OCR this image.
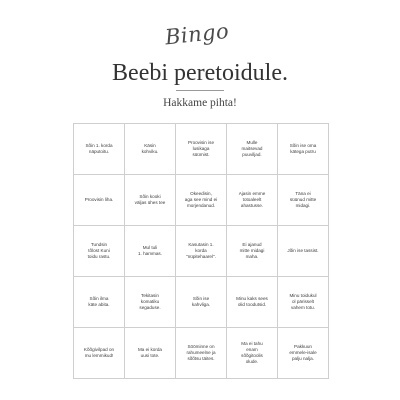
Bingo
Beebi peretoidule.
Hakkame pihta!
Sõin 1. korda
näputoitu.
Käsin
kohviku.
Proovisin ise
lusikaga
süümist.
Mulle
maitsevad
puuviljad.
Sõin ise oma
kätega putru
Proovisin liha.
Sõin kooki
väljas ühes tee
Okeedisin,
aga see mind ei
morjendanud.
Ajasin emme
totoaleelt
ahastusse.
Täna ei
süünud mitte
midagi.
Tundsin
tõlost Kuni
toidu rastu.
Mul tuli
1. hammas.
Kasutasin 1.
korda
"nüpitehaarel".
Ei ajanud
mitte midagi
maha.
Jõin ise tassist.
Sõin ilma
käte abita.
Tekitasin
komatiku
segaduse.
Sõin ise
kahvliga.
Minu kaks sees
olid toodutsid.
Minu toidukul
ol pärisselt
vahem totu.
Kõõgivilpad on
mu lemmikud!
Ma ei korda
uusi tote.
Sööminne on
rahumeelne ja
sõõtsu täites.
Ma ei tahu
enam
sõõgitoolis
olude.
Pakkuun
emmele-isale
palju nalja.
